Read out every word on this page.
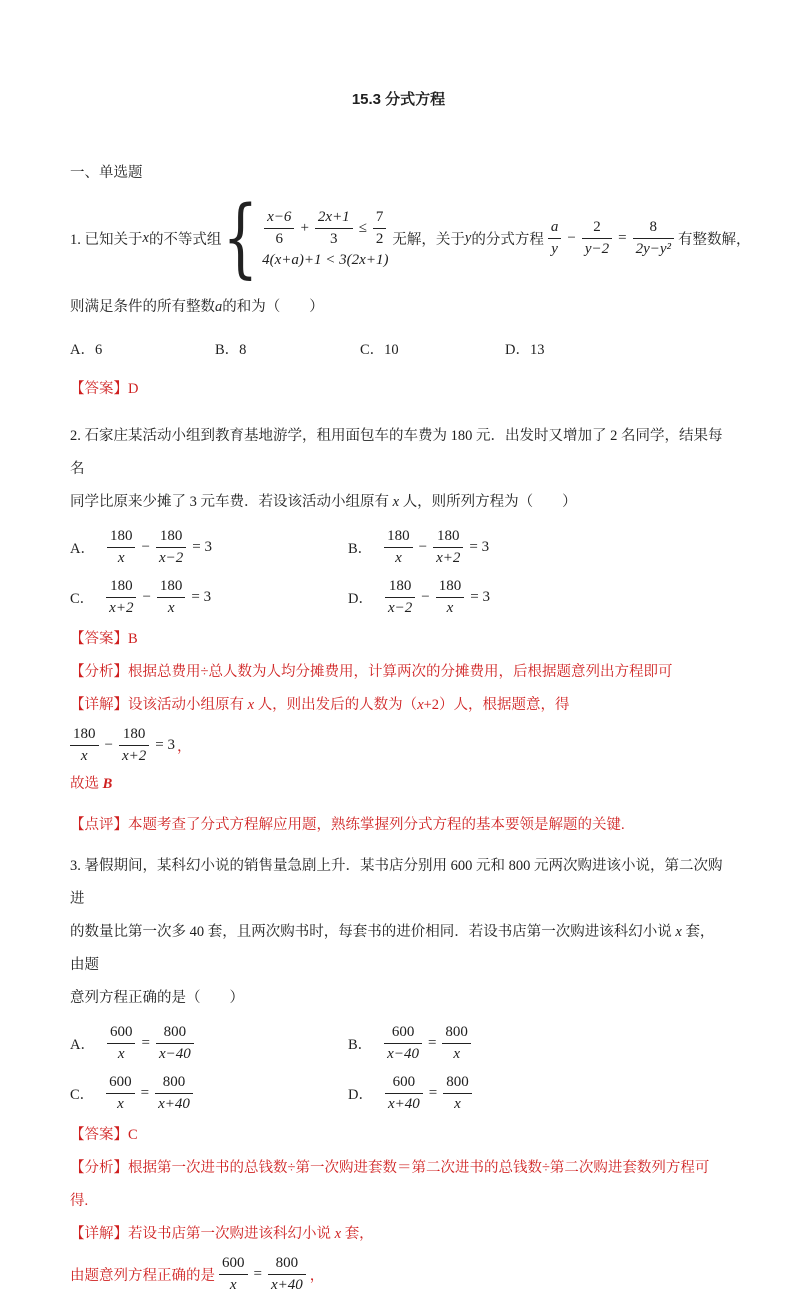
15.3 分式方程
一、单选题
1. 已知关于 x 的不等式组 { $\frac{x-6}{6} + \frac{2x+1}{3} \le \frac{7}{2}$
4(x+a)+1 < 3(2x+1)
无解，关于 y 的分式方程 $\frac{a}{y} - \frac{2}{y-2} = \frac{8}{\text{2y−y²}}$ 有整数解，
则满足条件的所有整数a的和为（　　）
A．6	B．8	C．10	D．13
【答案】D
2. 石家庄某活动小组到教育基地游学，租用面包车的车费为 180 元．出发时又增加了 2 名同学，结果每名
同学比原来少摊了 3 元车费．若设该活动小组原有 x 人，则所列方程为（　　）
A． $\frac{180}{x} - \frac{180}{x-2} = 3$	B． $\frac{180}{x} - \frac{180}{x+2} = 3$
C． $\frac{180}{x+2} - \frac{180}{x} = 3$	D． $\frac{180}{x-2} - \frac{180}{x} = 3$
【答案】B
【分析】根据总费用÷总人数为人均分摊费用，计算两次的分摊费用，后根据题意列出方程即可
【详解】设该活动小组原有 x 人，则出发后的人数为（x+2）人，根据题意，得
$\frac{180}{x} - \frac{180}{x+2} = 3$ ，
故选 B
【点评】本题考查了分式方程解应用题，熟练掌握列分式方程的基本要领是解题的关键.
3. 暑假期间，某科幻小说的销售量急剧上升．某书店分别用 600 元和 800 元两次购进该小说，第二次购进
的数量比第一次多 40 套，且两次购书时，每套书的进价相同．若设书店第一次购进该科幻小说 x 套，由题
意列方程正确的是（　　）
A． $\frac{600}{x} = \frac{800}{x-40}$	B． $\frac{600}{x-40} = \frac{800}{x}$
C． $\frac{600}{x} = \frac{800}{x+40}$	D． $\frac{600}{x+40} = \frac{800}{x}$
【答案】C
【分析】根据第一次进书的总钱数÷第一次购进套数＝第二次进书的总钱数÷第二次购进套数列方程可得.
【详解】若设书店第一次购进该科幻小说 x 套，
由题意列方程正确的是 $\frac{600}{x} = \frac{800}{x+40}$ ，
